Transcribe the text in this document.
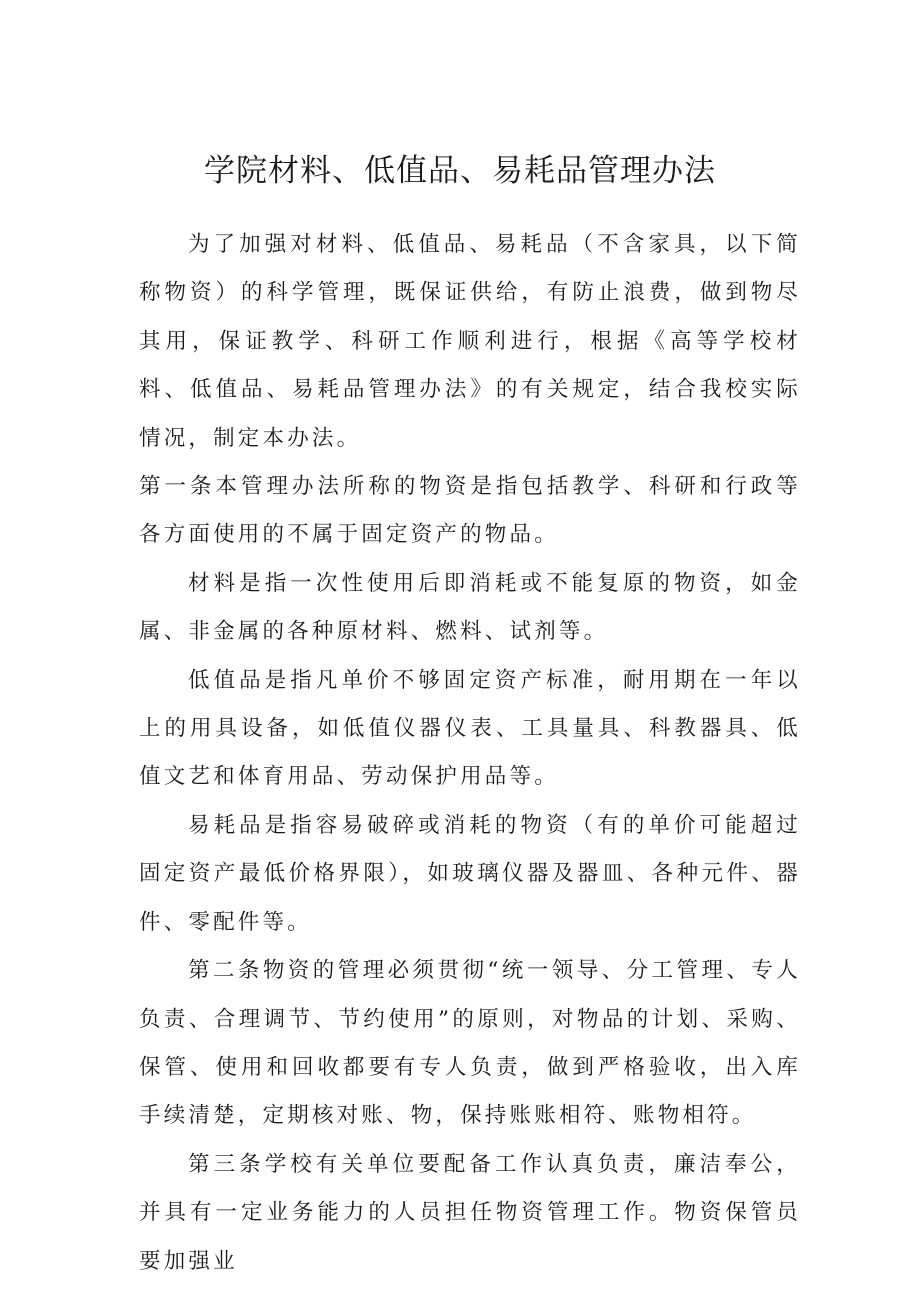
学院材料、低值品、易耗品管理办法

为了加强对材料、低值品、易耗品（不含家具，以下简称物资）的科学管理，既保证供给，有防止浪费，做到物尽其用，保证教学、科研工作顺利进行，根据《高等学校材料、低值品、易耗品管理办法》的有关规定，结合我校实际情况，制定本办法。

第一条本管理办法所称的物资是指包括教学、科研和行政等各方面使用的不属于固定资产的物品。

材料是指一次性使用后即消耗或不能复原的物资，如金属、非金属的各种原材料、燃料、试剂等。

低值品是指凡单价不够固定资产标准，耐用期在一年以上的用具设备，如低值仪器仪表、工具量具、科教器具、低值文艺和体育用品、劳动保护用品等。

易耗品是指容易破碎或消耗的物资（有的单价可能超过固定资产最低价格界限），如玻璃仪器及器皿、各种元件、器件、零配件等。

第二条物资的管理必须贯彻“统一领导、分工管理、专人负责、合理调节、节约使用”的原则，对物品的计划、采购、保管、使用和回收都要有专人负责，做到严格验收，出入库手续清楚，定期核对账、物，保持账账相符、账物相符。

第三条学校有关单位要配备工作认真负责，廉洁奉公，并具有一定业务能力的人员担任物资管理工作。物资保管员要加强业
